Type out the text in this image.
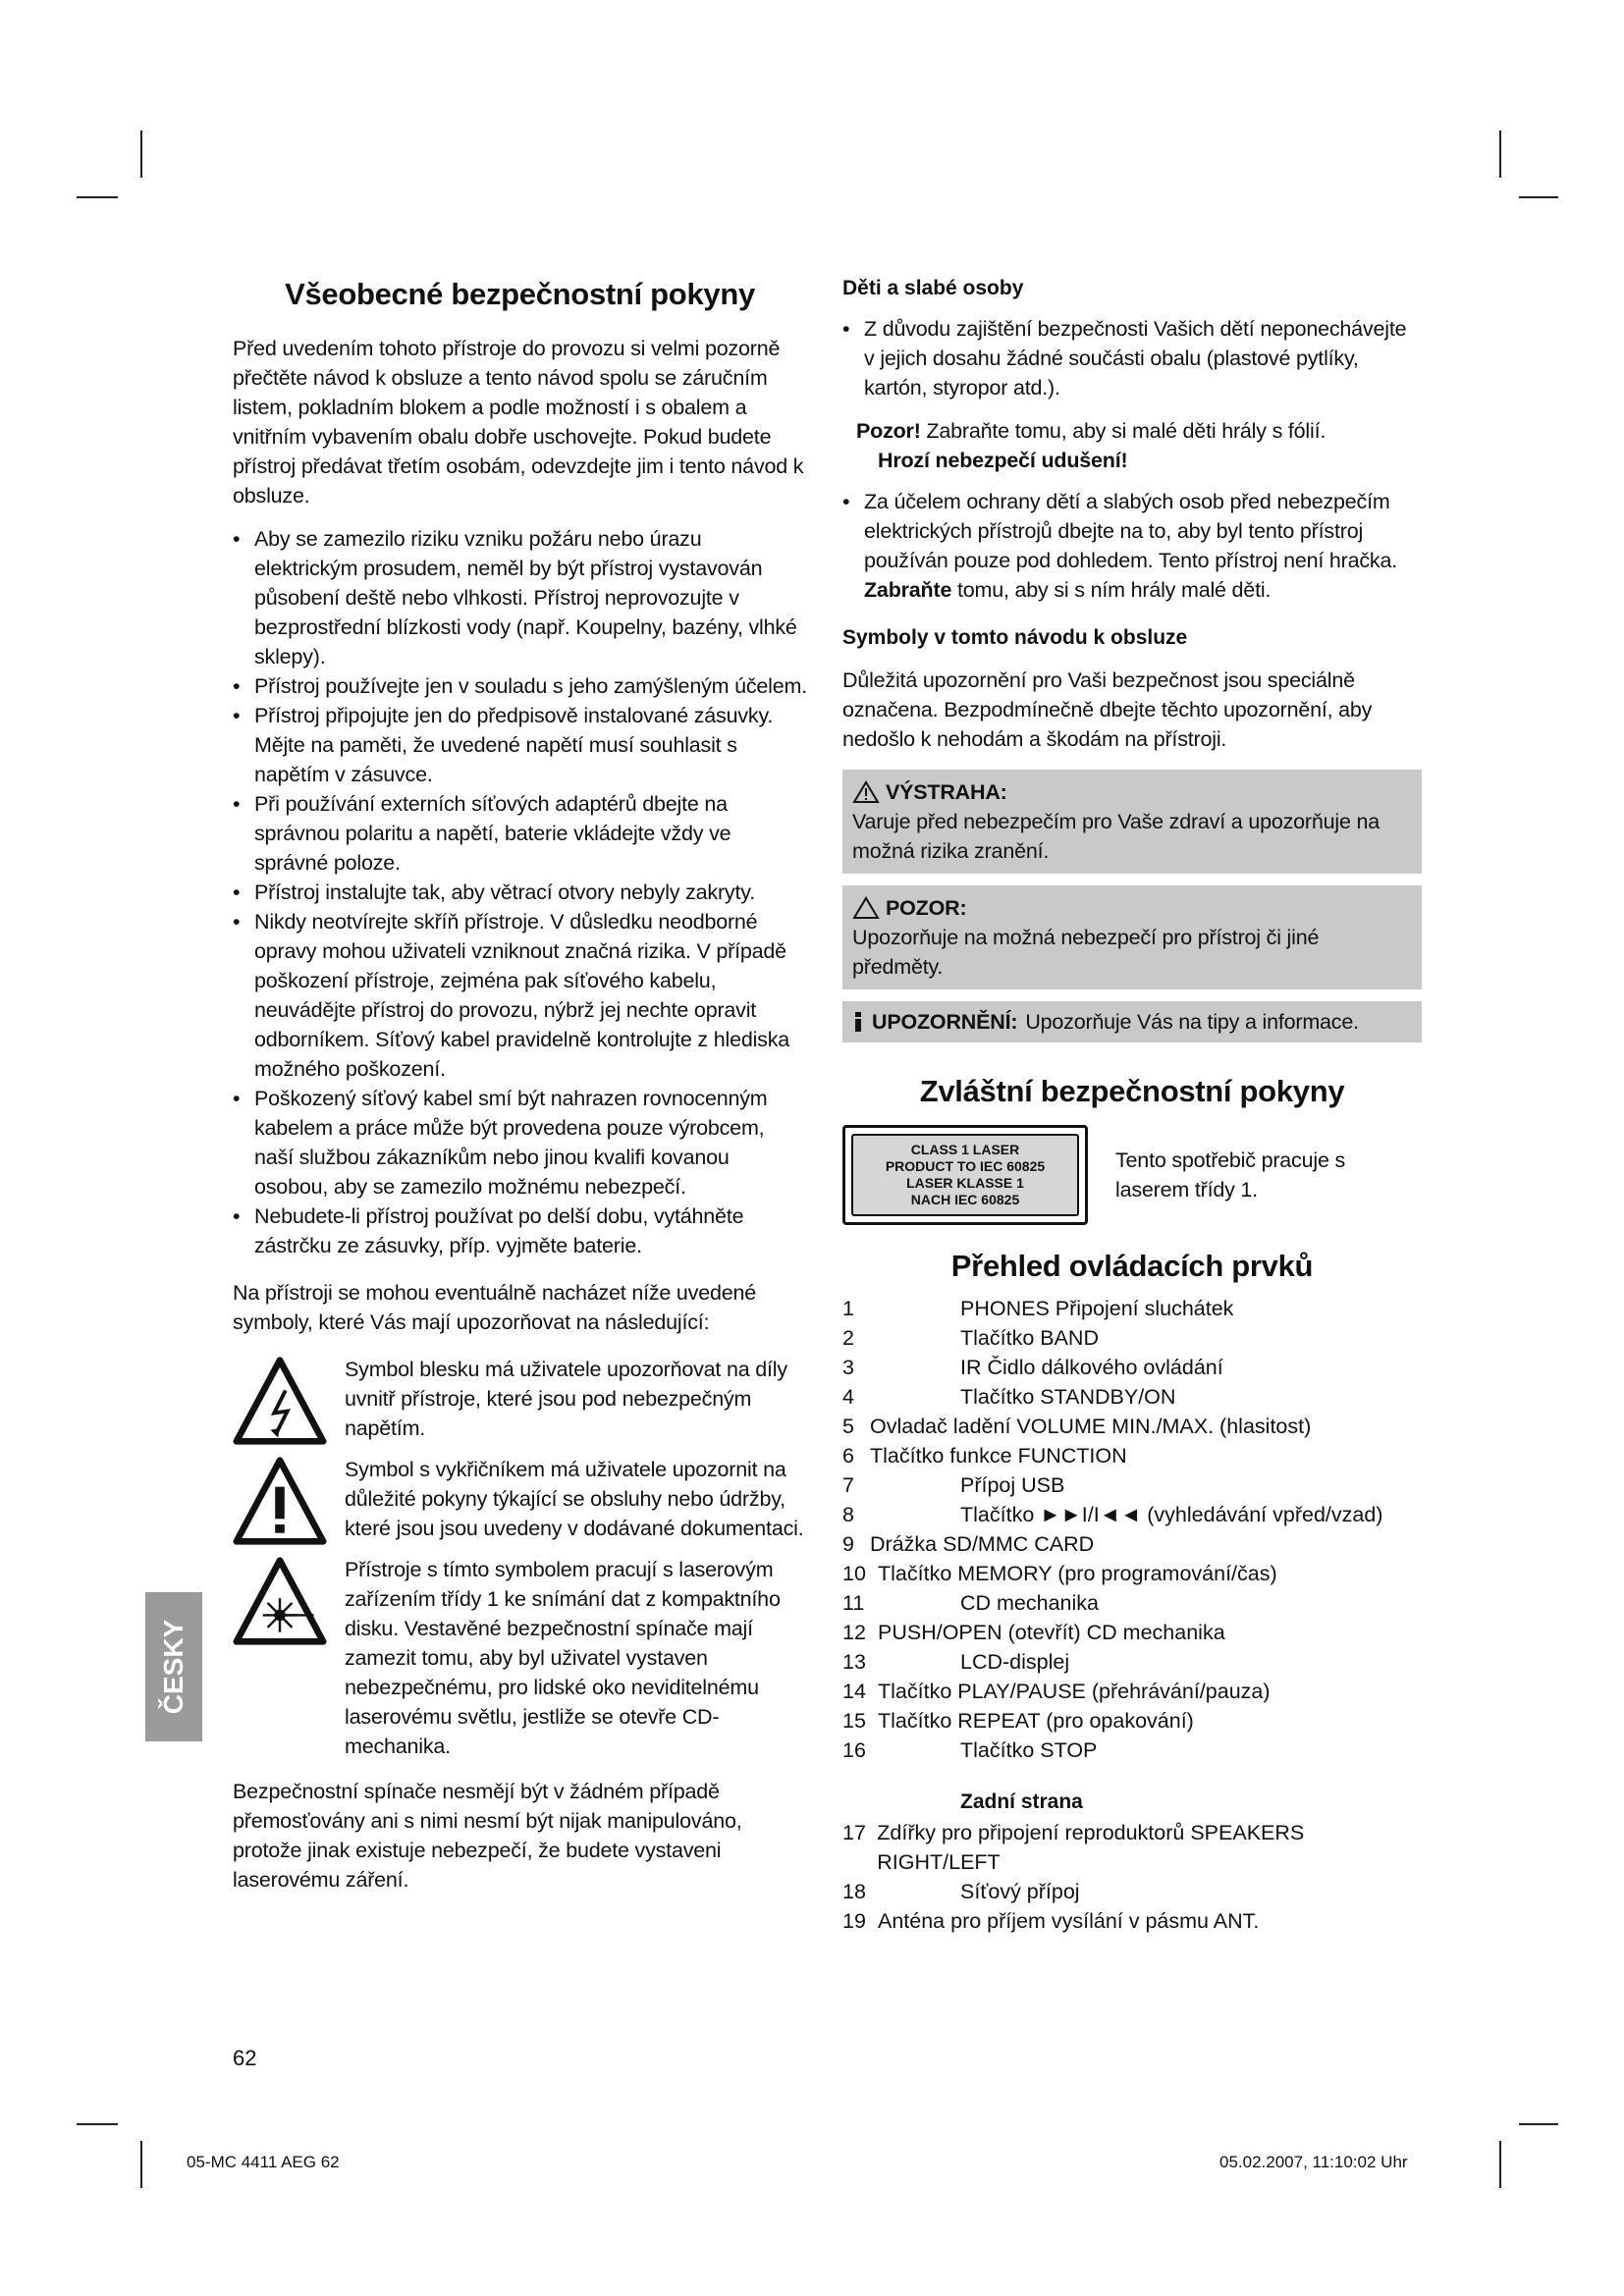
Všeobecné bezpečnostní pokyny

Před uvedením tohoto přístroje do provozu si velmi pozorně přečtěte návod k obsluze a tento návod spolu se záručním listem, pokladním blokem a podle možností i s obalem a vnitřním vybavením obalu dobře uschovejte. Pokud budete přístroj předávat třetím osobám, odevzdejte jim i tento návod k obsluze.

• Aby se zamezilo riziku vzniku požáru nebo úrazu elektrickým prosudem, neměl by být přístroj vystavován působení deště nebo vlhkosti. Přístroj neprovozujte v bezprostřední blízkosti vody (např. Koupelny, bazény, vlhké sklepy).
• Přístroj používejte jen v souladu s jeho zamýšleným účelem.
• Přístroj připojujte jen do předpisově instalované zásuvky. Mějte na paměti, že uvedené napětí musí souhlasit s napětím v zásuvce.
• Při používání externích síťových adaptérů dbejte na správnou polaritu a napětí, baterie vkládejte vždy ve správné poloze.
• Přístroj instalujte tak, aby větrací otvory nebyly zakryty.
• Nikdy neotvírejte skříň přístroje. V důsledku neodborné opravy mohou uživateli vzniknout značná rizika. V případě poškození přístroje, zejména pak síťového kabelu, neuvádějte přístroj do provozu, nýbrž jej nechte opravit odborníkem. Síťový kabel pravidelně kontrolujte z hlediska možného poškození.
• Poškozený síťový kabel smí být nahrazen rovnocenným kabelem a práce může být provedena pouze výrobcem, naší službou zákazníkům nebo jinou kvalifi kovanou osobou, aby se zamezilo možnému nebezpečí.
• Nebudete-li přístroj používat po delší dobu, vytáhněte zástrčku ze zásuvky, příp. vyjměte baterie.

Na přístroji se mohou eventuálně nacházet níže uvedené symboly, které Vás mají upozorňovat na následující:

Symbol blesku má uživatele upozorňovat na díly uvnitř přístroje, které jsou pod nebezpečným napětím.
Symbol s vykřičníkem má uživatele upozornit na důležité pokyny týkající se obsluhy nebo údržby, které jsou jsou uvedeny v dodávané dokumentaci.
Přístroje s tímto symbolem pracují s laserovým zařízením třídy 1 ke snímání dat z kompaktního disku. Vestavěné bezpečnostní spínače mají zamezit tomu, aby byl uživatel vystaven nebezpečnému, pro lidské oko neviditelnému laserovému světlu, jestliže se otevře CD-mechanika.

Bezpečnostní spínače nesmějí být v žádném případě přemosťovány ani s nimi nesmí být nijak manipulováno, protože jinak existuje nebezpečí, že budete vystaveni laserovému záření.

ČESKY
Děti a slabé osoby
• Z důvodu zajištění bezpečnosti Vašich dětí neponechávejte v jejich dosahu žádné součásti obalu (plastové pytlíky, kartón, styropor atd.).
Pozor! Zabraňte tomu, aby si malé děti hrály s fólií.
Hrozí nebezpečí udušení!
• Za účelem ochrany dětí a slabých osob před nebezpečím elektrických přístrojů dbejte na to, aby byl tento přístroj používán pouze pod dohledem. Tento přístroj není hračka. Zabraňte tomu, aby si s ním hrály malé děti.
Symboly v tomto návodu k obsluze

Důležitá upozornění pro Vaši bezpečnost jsou speciálně označena. Bezpodmínečně dbejte těchto upozornění, aby nedošlo k nehodám a škodám na přístroji.

VÝSTRAHA:
Varuje před nebezpečím pro Vaše zdraví a upozorňuje na možná rizika zranění.
POZOR:
Upozorňuje na možná nebezpečí pro přístroj či jiné předměty.
UPOZORNĚNÍ: Upozorňuje Vás na tipy a informace.
Zvláštní bezpečnostní pokyny
CLASS 1 LASER
PRODUCT TO IEC 60825
LASER KLASSE 1
NACH IEC 60825
Tento spotřebič pracuje s laserem třídy 1.
Přehled ovládacích prvků
1	PHONES Připojení sluchátek
2	Tlačítko BAND
3	IR Čidlo dálkového ovládání
4	Tlačítko STANDBY/ON
5 Ovladač ladění VOLUME MIN./MAX. (hlasitost)
6 Tlačítko funkce FUNCTION
7	Přípoj USB
8	Tlačítko ►►I/I◄◄ (vyhledávání vpřed/vzad)
9 Drážka SD/MMC CARD
10 Tlačítko MEMORY (pro programování/čas)
11	CD mechanika
12 PUSH/OPEN (otevřít) CD mechanika
13	LCD-displej
14 Tlačítko PLAY/PAUSE (přehrávání/pauza)
15 Tlačítko REPEAT (pro opakování)
16	Tlačítko STOP
Zadní strana
17 Zdířky pro připojení reproduktorů SPEAKERS RIGHT/LEFT
18	Síťový přípoj
19 Anténa pro příjem vysílání v pásmu ANT.
62
05-MC 4411 AEG 62	05.02.2007, 11:10:02 Uhr
